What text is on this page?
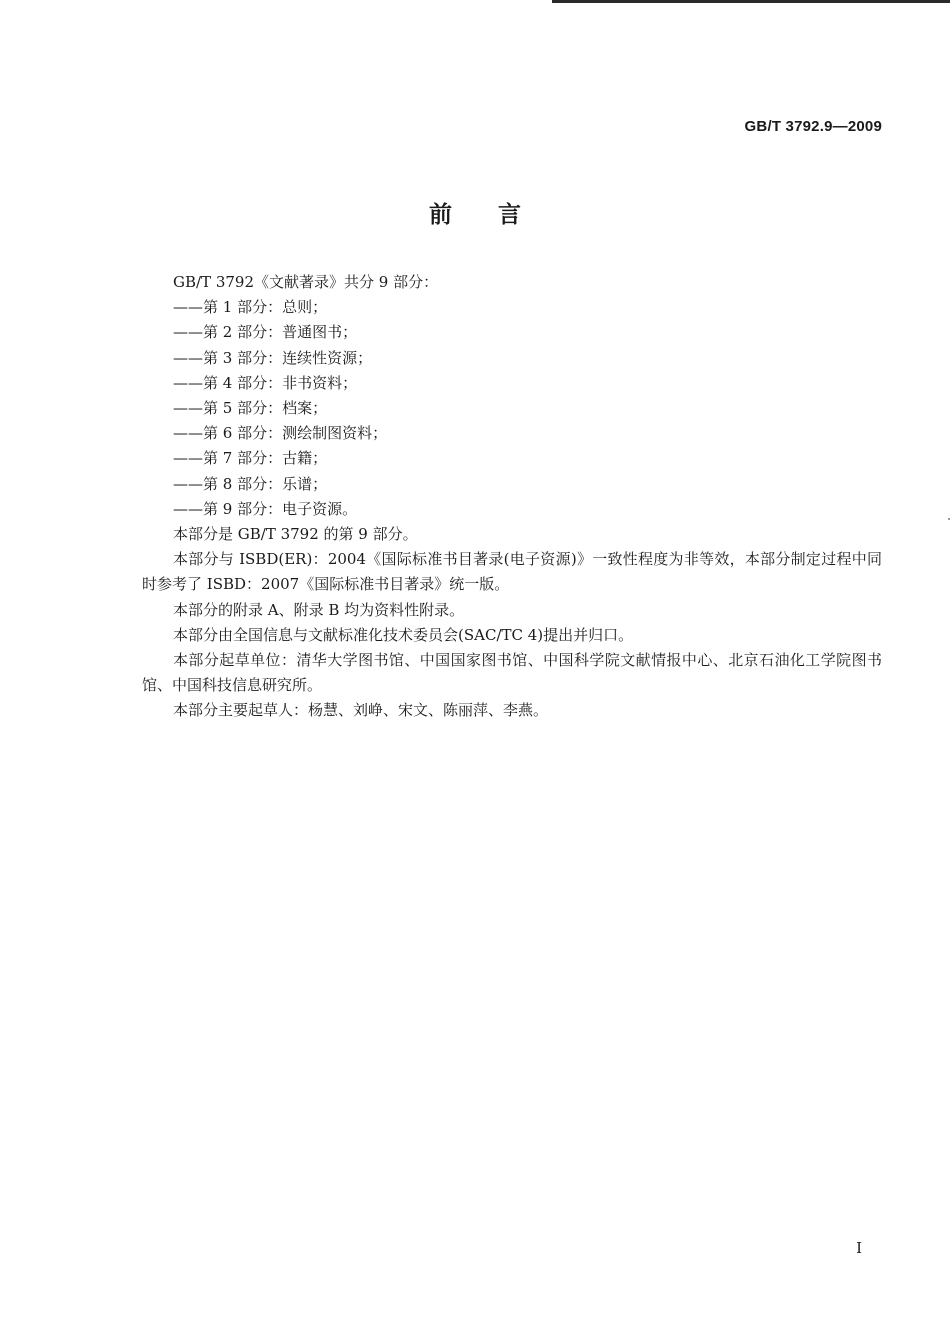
GB/T 3792.9—2009
前言

GB/T 3792《文献著录》共分 9 部分：

——第 1 部分：总则；

——第 2 部分：普通图书；

——第 3 部分：连续性资源；

——第 4 部分：非书资料；

——第 5 部分：档案；

——第 6 部分：测绘制图资料；

——第 7 部分：古籍；

——第 8 部分：乐谱；

——第 9 部分：电子资源。

本部分是 GB/T 3792 的第 9 部分。

本部分与 ISBD(ER)：2004《国际标准书目著录(电子资源)》一致性程度为非等效，本部分制定过程中同时参考了 ISBD：2007《国际标准书目著录》统一版。

本部分的附录 A、附录 B 均为资料性附录。

本部分由全国信息与文献标准化技术委员会(SAC/TC 4)提出并归口。

本部分起草单位：清华大学图书馆、中国国家图书馆、中国科学院文献情报中心、北京石油化工学院图书馆、中国科技信息研究所。

本部分主要起草人：杨慧、刘峥、宋文、陈丽萍、李燕。

I
